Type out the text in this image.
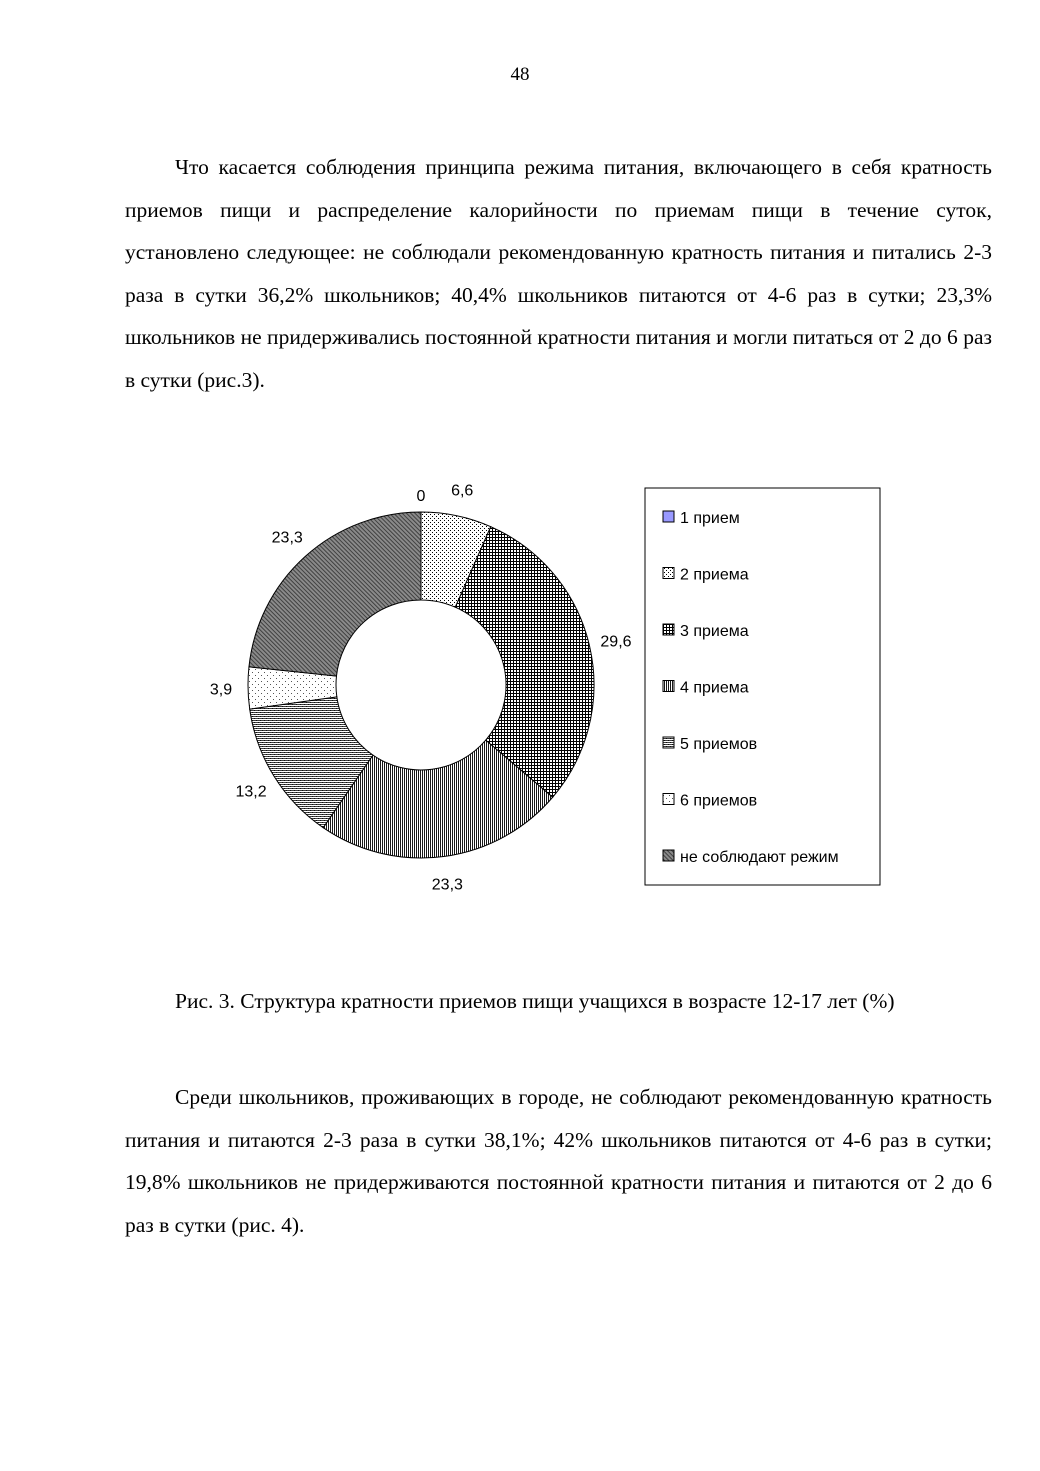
48

Что касается соблюдения принципа режима питания, включающего в себя кратность приемов пищи и распределение калорийности по приемам пищи в течение суток, установлено следующее: не соблюдали рекомендованную кратность питания и питались 2-3 раза в сутки 36,2% школьников; 40,4% школьников питаются от 4-6 раз в сутки; 23,3% школьников не придерживались постоянной кратности питания и могли питаться от 2 до 6 раз в сутки (рис.3).

0 6,6
29,6
23,3
13,2
3,9
23,3
1 прием
2 приема
3 приема
4 приема
5 приемов
6 приемов
не соблюдают режим

Рис. 3. Структура кратности приемов пищи учащихся в возрасте 12-17 лет (%)

Среди школьников, проживающих в городе, не соблюдают рекомендованную кратность питания и питаются 2-3 раза в сутки 38,1%; 42% школьников питаются от 4-6 раз в сутки; 19,8% школьников не придерживаются постоянной кратности питания и питаются от 2 до 6 раз в сутки (рис. 4).
